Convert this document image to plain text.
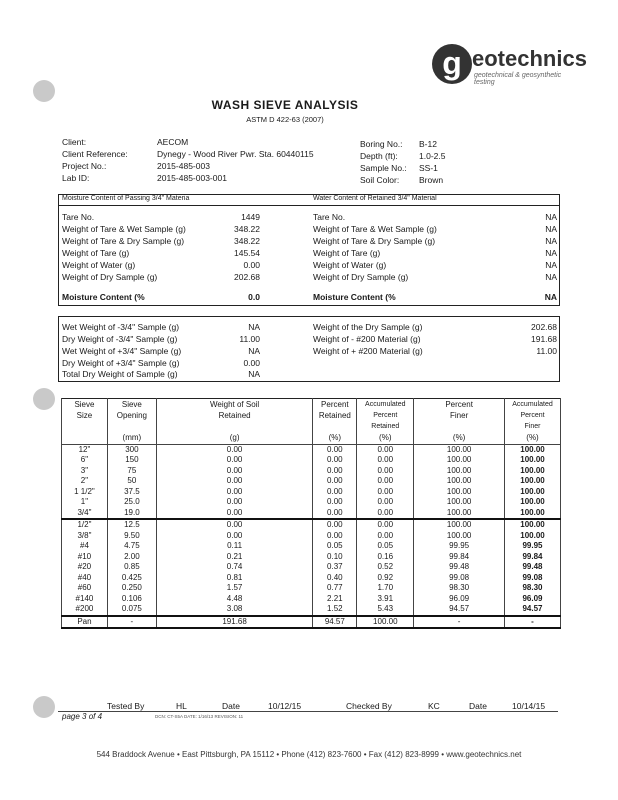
g eotechnics
geotechnical & geosynthetic testing
WASH SIEVE ANALYSIS
ASTM D 422-63 (2007)
Client:	AECOM
Client Reference:	Dynegy - Wood River Pwr. Sta. 60440115
Project No.:	2015-485-003
Lab ID:	2015-485-003-001
Boring No.: B-12
Depth (ft): 1.0-2.5
Sample No.: SS-1
Soil Color: Brown
Moisture Content of Passing 3/4" Materia	Water Content of Retained 3/4" Material
Tare No.	1449
Weight of Tare & Wet Sample (g)	348.22
Weight of Tare & Dry Sample (g)	348.22
Weight of Tare (g)	145.54
Weight of Water (g)	0.00
Weight of Dry Sample (g)	202.68
Moisture Content (%	0.0
Tare No.	NA
Weight of Tare & Wet Sample (g)	NA
Weight of Tare & Dry Sample (g)	NA
Weight of Tare (g)	NA
Weight of Water (g)	NA
Weight of Dry Sample (g)	NA
Moisture Content (%	NA
Wet Weight of -3/4" Sample (g)	NA
Dry Weight of -3/4" Sample (g)	11.00
Wet Weight of +3/4" Sample (g)	NA
Dry Weight of +3/4" Sample (g)	0.00
Total Dry Weight of Sample (g)	NA
Weight of the Dry Sample (g)	202.68
Weight of - #200 Material (g)	191.68
Weight of + #200 Material (g)	11.00
Sieve	Sieve	Weight of Soil	Percent	Accumulated	Percent	Accumulated
Size	Opening	Retained	Retained	Percent	Finer	Percent
				Retained		Finer
	(mm)	(g)	(%)	(%)	(%)	(%)
12"	300	0.00	0.00	0.00	100.00	100.00
6"	150	0.00	0.00	0.00	100.00	100.00
3"	75	0.00	0.00	0.00	100.00	100.00
2"	50	0.00	0.00	0.00	100.00	100.00
1 1/2"	37.5	0.00	0.00	0.00	100.00	100.00
1"	25.0	0.00	0.00	0.00	100.00	100.00
3/4"	19.0	0.00	0.00	0.00	100.00	100.00
1/2"	12.5	0.00	0.00	0.00	100.00	100.00
3/8"	9.50	0.00	0.00	0.00	100.00	100.00
#4	4.75	0.11	0.05	0.05	99.95	99.95
#10	2.00	0.21	0.10	0.16	99.84	99.84
#20	0.85	0.74	0.37	0.52	99.48	99.48
#40	0.425	0.81	0.40	0.92	99.08	99.08
#60	0.250	1.57	0.77	1.70	98.30	98.30
#140	0.106	4.48	2.21	3.91	96.09	96.09
#200	0.075	3.08	1.52	5.43	94.57	94.57
Pan	-	191.68	94.57	100.00	-	-
Tested By	HL	Date	10/12/15	Checked By	KC	Date	10/14/15
page 3 of 4	DCN: CT-S5A DATE: 1/16/13 REVISION: 11
544 Braddock Avenue • East Pittsburgh, PA 15112 • Phone (412) 823-7600 • Fax (412) 823-8999 • www.geotechnics.net
